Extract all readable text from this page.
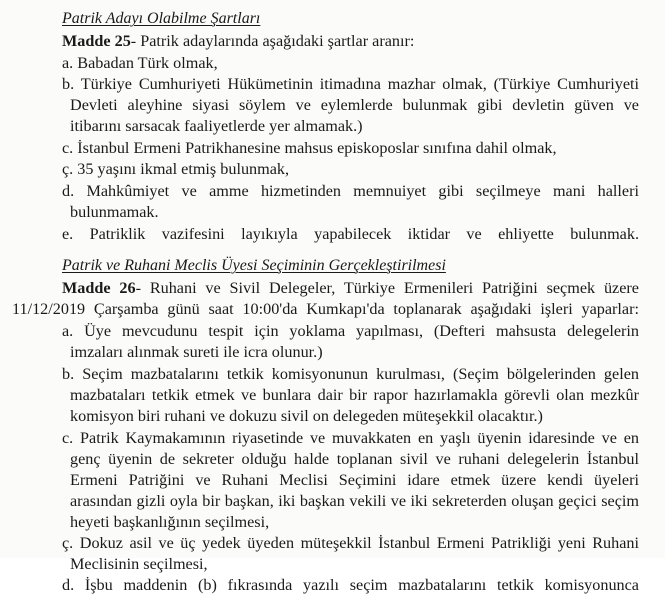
Patrik Adayı Olabilme Şartları
Madde 25- Patrik adaylarında aşağıdaki şartlar aranır:
a. Babadan Türk olmak,
b. Türkiye Cumhuriyeti Hükümetinin itimadına mazhar olmak, (Türkiye Cumhuriyeti
Devleti aleyhine siyasi söylem ve eylemlerde bulunmak gibi devletin güven ve
itibarını sarsacak faaliyetlerde yer almamak.)
c. İstanbul Ermeni Patrikhanesine mahsus episkoposlar sınıfına dahil olmak,
ç. 35 yaşını ikmal etmiş bulunmak,
d. Mahkûmiyet ve amme hizmetinden memnuiyet gibi seçilmeye mani halleri
bulunmamak.
e. Patriklik vazifesini layıkıyla yapabilecek iktidar ve ehliyette bulunmak.
Patrik ve Ruhani Meclis Üyesi Seçiminin Gerçekleştirilmesi
Madde 26- Ruhani ve Sivil Delegeler, Türkiye Ermenileri Patriğini seçmek üzere
11/12/2019 Çarşamba günü saat 10:00'da Kumkapı'da toplanarak aşağıdaki işleri yaparlar:
a. Üye mevcudunu tespit için yoklama yapılması, (Defteri mahsusta delegelerin
imzaları alınmak sureti ile icra olunur.)
b. Seçim mazbatalarını tetkik komisyonunun kurulması, (Seçim bölgelerinden gelen
mazbataları tetkik etmek ve bunlara dair bir rapor hazırlamakla görevli olan mezkûr
komisyon biri ruhani ve dokuzu sivil on delegeden müteşekkil olacaktır.)
c. Patrik Kaymakamının riyasetinde ve muvakkaten en yaşlı üyenin idaresinde ve en
genç üyenin de sekreter olduğu halde toplanan sivil ve ruhani delegelerin İstanbul
Ermeni Patriğini ve Ruhani Meclisi Seçimini idare etmek üzere kendi üyeleri
arasından gizli oyla bir başkan, iki başkan vekili ve iki sekreterden oluşan geçici seçim
heyeti başkanlığının seçilmesi,
ç. Dokuz asil ve üç yedek üyeden müteşekkil İstanbul Ermeni Patrikliği yeni Ruhani
Meclisinin seçilmesi,
d. İşbu maddenin (b) fıkrasında yazılı seçim mazbatalarını tetkik komisyonunca
